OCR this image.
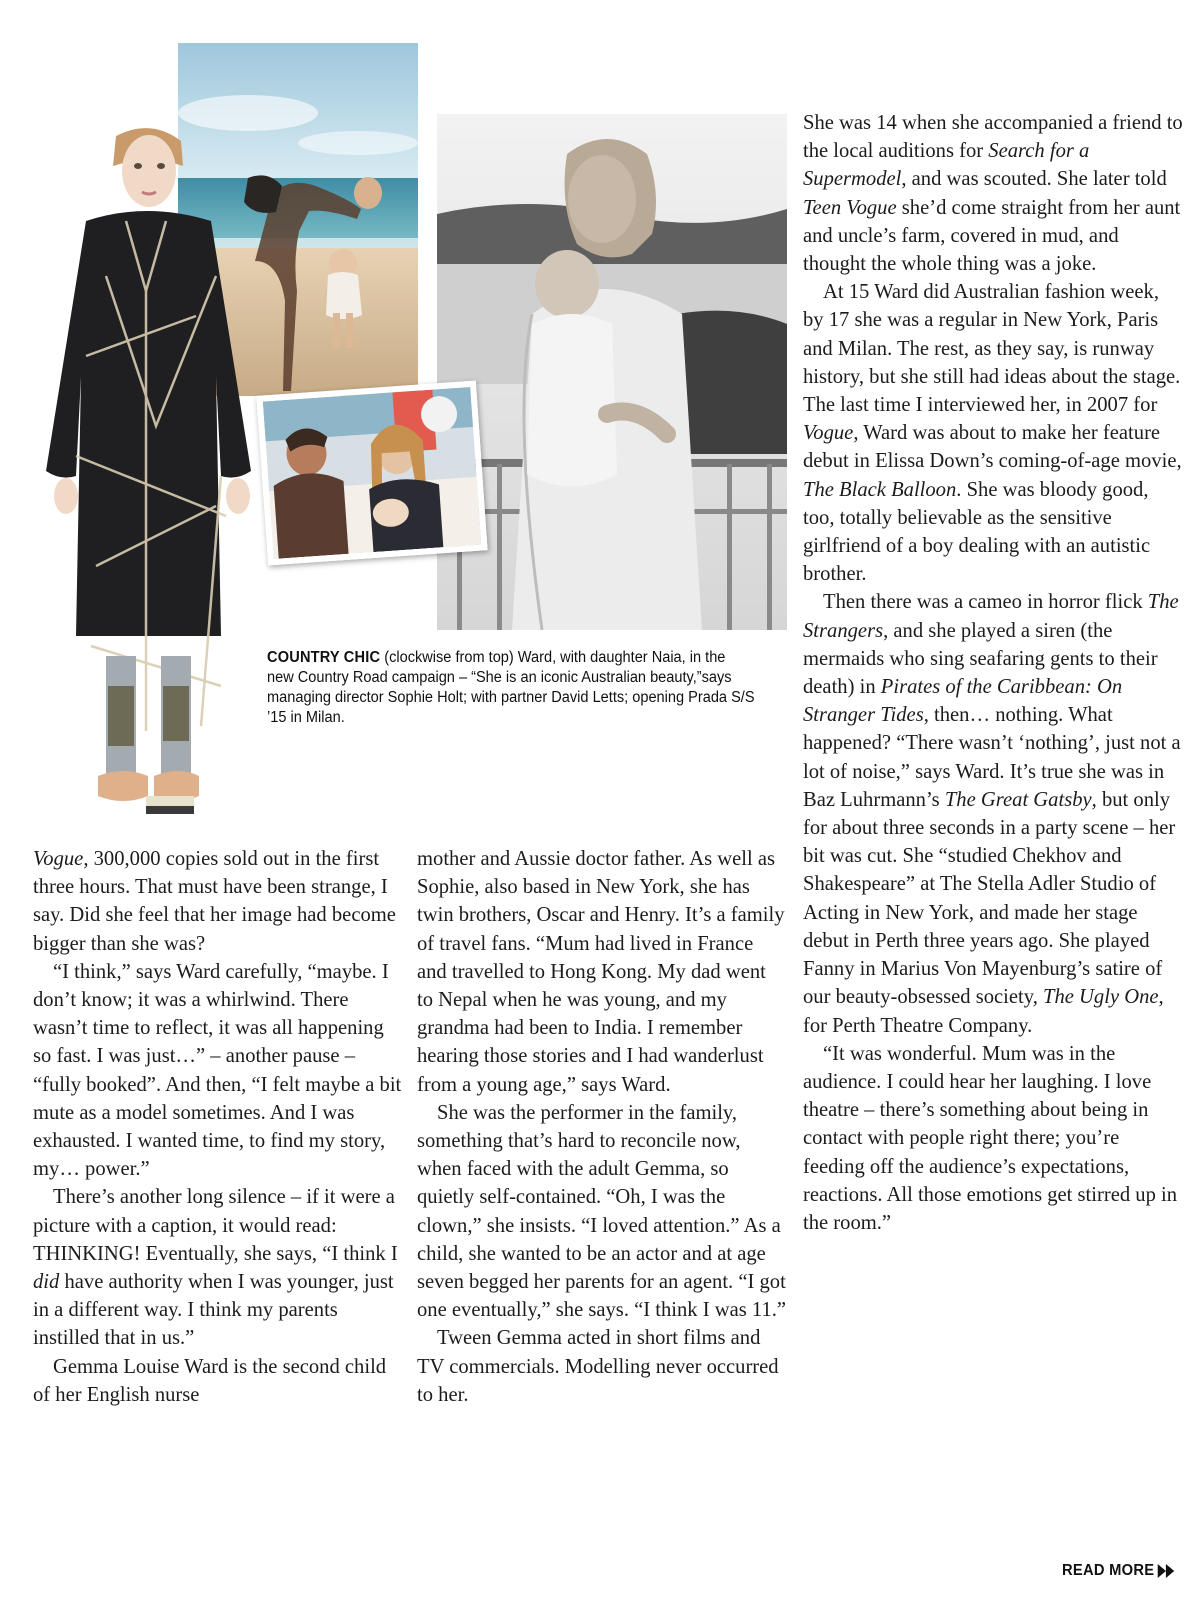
COUNTRY CHIC (clockwise from top) Ward, with daughter Naia, in the new Country Road campaign – “She is an iconic Australian beauty,”says managing director Sophie Holt; with partner David Letts; opening Prada S/S ’15 in Milan.

She was 14 when she accompanied a friend to the local auditions for Search for a Supermodel, and was scouted. She later told Teen Vogue she’d come straight from her aunt and uncle’s farm, covered in mud, and thought the whole thing was a joke.

At 15 Ward did Australian fashion week, by 17 she was a regular in New York, Paris and Milan. The rest, as they say, is runway history, but she still had ideas about the stage. The last time I interviewed her, in 2007 for Vogue, Ward was about to make her feature debut in Elissa Down’s coming-of-age movie, The Black Balloon. She was bloody good, too, totally believable as the sensitive girlfriend of a boy dealing with an autistic brother.

Then there was a cameo in horror flick The Strangers, and she played a siren (the mermaids who sing seafaring gents to their death) in Pirates of the Caribbean: On Stranger Tides, then… nothing. What happened? “There wasn’t ‘nothing’, just not a lot of noise,” says Ward. It’s true she was in Baz Luhrmann’s The Great Gatsby, but only for about three seconds in a party scene – her bit was cut. She “studied Chekhov and Shakespeare” at The Stella Adler Studio of Acting in New York, and made her stage debut in Perth three years ago. She played Fanny in Marius Von Mayenburg’s satire of our beauty-obsessed society, The Ugly One, for Perth Theatre Company.

“It was wonderful. Mum was in the audience. I could hear her laughing. I love theatre – there’s something about being in contact with people right there; you’re feeding off the audience’s expectations, reactions. All those emotions get stirred up in the room.”

Vogue, 300,000 copies sold out in the first three hours. That must have been strange, I say. Did she feel that her image had become bigger than she was?

“I think,” says Ward carefully, “maybe. I don’t know; it was a whirlwind. There wasn’t time to reflect, it was all happening so fast. I was just…” – another pause – “fully booked”. And then, “I felt maybe a bit mute as a model sometimes. And I was exhausted. I wanted time, to find my story, my… power.”

There’s another long silence – if it were a picture with a caption, it would read: THINKING! Eventually, she says, “I think I did have authority when I was younger, just in a different way. I think my parents instilled that in us.”

Gemma Louise Ward is the second child of her English nurse

mother and Aussie doctor father. As well as Sophie, also based in New York, she has twin brothers, Oscar and Henry. It’s a family of travel fans. “Mum had lived in France and travelled to Hong Kong. My dad went to Nepal when he was young, and my grandma had been to India. I remember hearing those stories and I had wanderlust from a young age,” says Ward.

She was the performer in the family, something that’s hard to reconcile now, when faced with the adult Gemma, so quietly self-contained. “Oh, I was the clown,” she insists. “I loved attention.” As a child, she wanted to be an actor and at age seven begged her parents for an agent. “I got one eventually,” she says. “I think I was 11.”

Tween Gemma acted in short films and TV commercials. Modelling never occurred to her.

READ MORE
